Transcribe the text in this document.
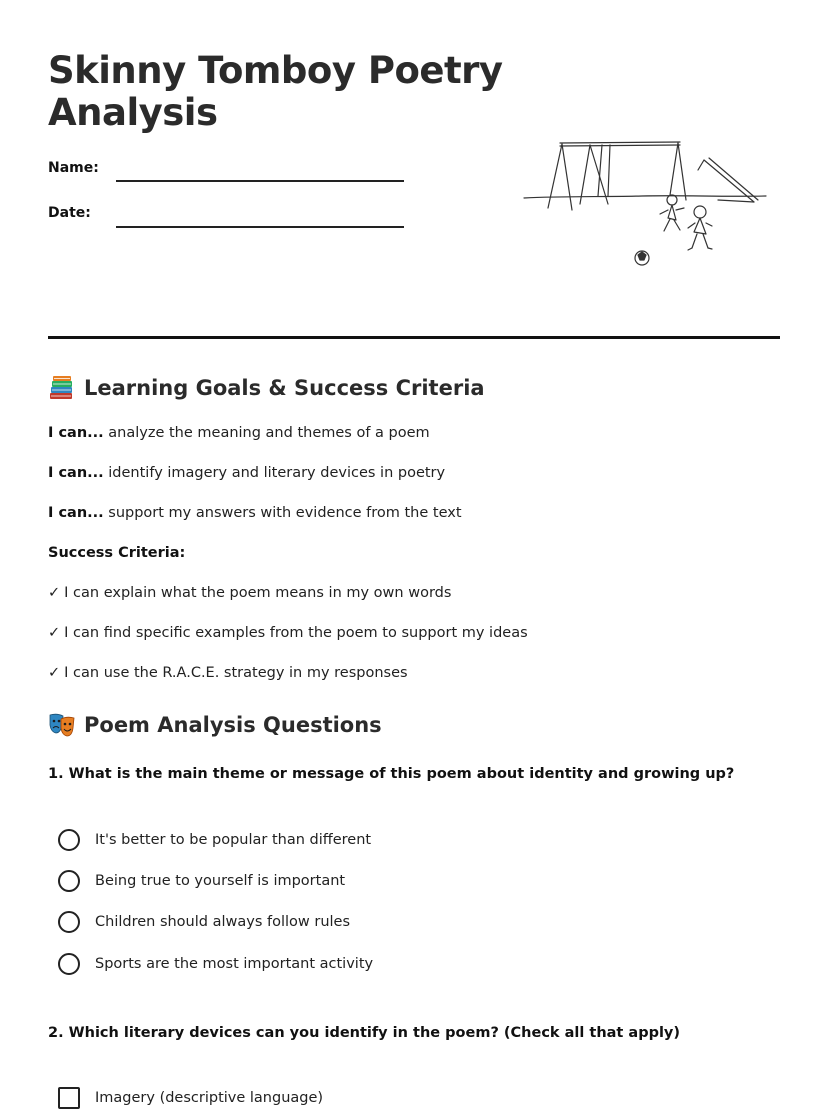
Skinny Tomboy Poetry Analysis
Name:
Date:
Learning Goals & Success Criteria
I can... analyze the meaning and themes of a poem
I can... identify imagery and literary devices in poetry
I can... support my answers with evidence from the text
Success Criteria:
✓ I can explain what the poem means in my own words
✓ I can find specific examples from the poem to support my ideas
✓ I can use the R.A.C.E. strategy in my responses
Poem Analysis Questions
1. What is the main theme or message of this poem about identity and growing up?
It's better to be popular than different
Being true to yourself is important
Children should always follow rules
Sports are the most important activity
2. Which literary devices can you identify in the poem? (Check all that apply)
Imagery (descriptive language)
